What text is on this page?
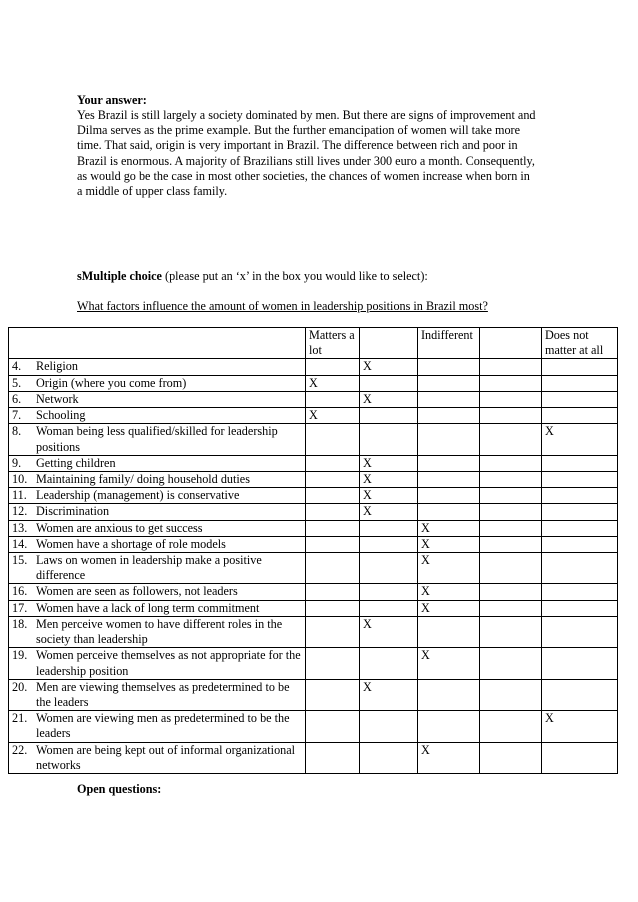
Your answer:
Yes Brazil is still largely a society dominated by men. But there are signs of improvement and
Dilma serves as the prime example. But the further emancipation of women will take more
time. That said, origin is very important in Brazil. The difference between rich and poor in
Brazil is enormous. A majority of Brazilians still lives under 300 euro a month. Consequently,
as would go be the case in most other societies, the chances of women increase when born in
a middle of upper class family.
sMultiple choice (please put an ‘x’ in the box you would like to select):
What factors influence the amount of women in leadership positions in Brazil most?
	Matters a lot		Indifferent		Does not matter at all
4. Religion		X			
5. Origin (where you come from)	X				
6. Network		X			
7. Schooling	X				
8. Woman being less qualified/skilled for leadership positions					X
9. Getting children		X			
10. Maintaining family/ doing household duties		X			
11. Leadership (management) is conservative		X			
12. Discrimination		X			
13. Women are anxious to get success			X		
14. Women have a shortage of role models			X		
15. Laws on women in leadership make a positive difference			X		
16. Women are seen as followers, not leaders			X		
17. Women have a lack of long term commitment			X		
18. Men perceive women to have different roles in the society than leadership		X			
19. Women perceive themselves as not appropriate for the leadership position			X		
20. Men are viewing themselves as predetermined to be the leaders		X			
21. Women are viewing men as predetermined to be the leaders					X
22. Women are being kept out of informal organizational networks			X		
Open questions:
